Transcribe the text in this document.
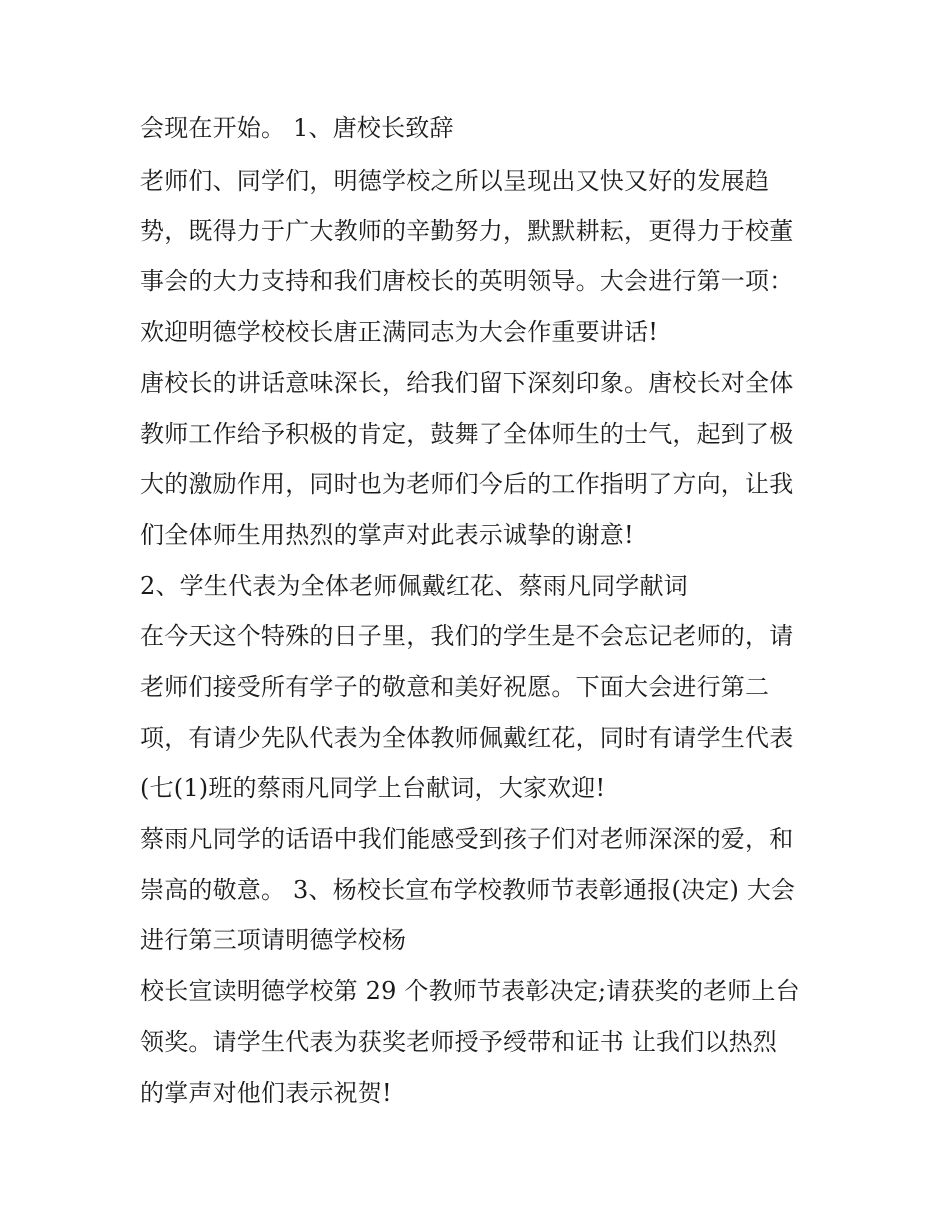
会现在开始。 1、唐校长致辞
老师们、同学们，明德学校之所以呈现出又快又好的发展趋
势，既得力于广大教师的辛勤努力，默默耕耘，更得力于校董
事会的大力支持和我们唐校长的英明领导。大会进行第一项：
欢迎明德学校校长唐正满同志为大会作重要讲话!
唐校长的讲话意味深长，给我们留下深刻印象。唐校长对全体
教师工作给予积极的肯定，鼓舞了全体师生的士气，起到了极
大的激励作用，同时也为老师们今后的工作指明了方向，让我
们全体师生用热烈的掌声对此表示诚挚的谢意!
2、学生代表为全体老师佩戴红花、蔡雨凡同学献词
在今天这个特殊的日子里，我们的学生是不会忘记老师的，请
老师们接受所有学子的敬意和美好祝愿。下面大会进行第二
项，有请少先队代表为全体教师佩戴红花，同时有请学生代表
(七(1)班的蔡雨凡同学上台献词，大家欢迎!
蔡雨凡同学的话语中我们能感受到孩子们对老师深深的爱，和
崇高的敬意。 3、杨校长宣布学校教师节表彰通报(决定) 大会
进行第三项请明德学校杨
校长宣读明德学校第 29 个教师节表彰决定;请获奖的老师上台
领奖。请学生代表为获奖老师授予绶带和证书 让我们以热烈
的掌声对他们表示祝贺!
